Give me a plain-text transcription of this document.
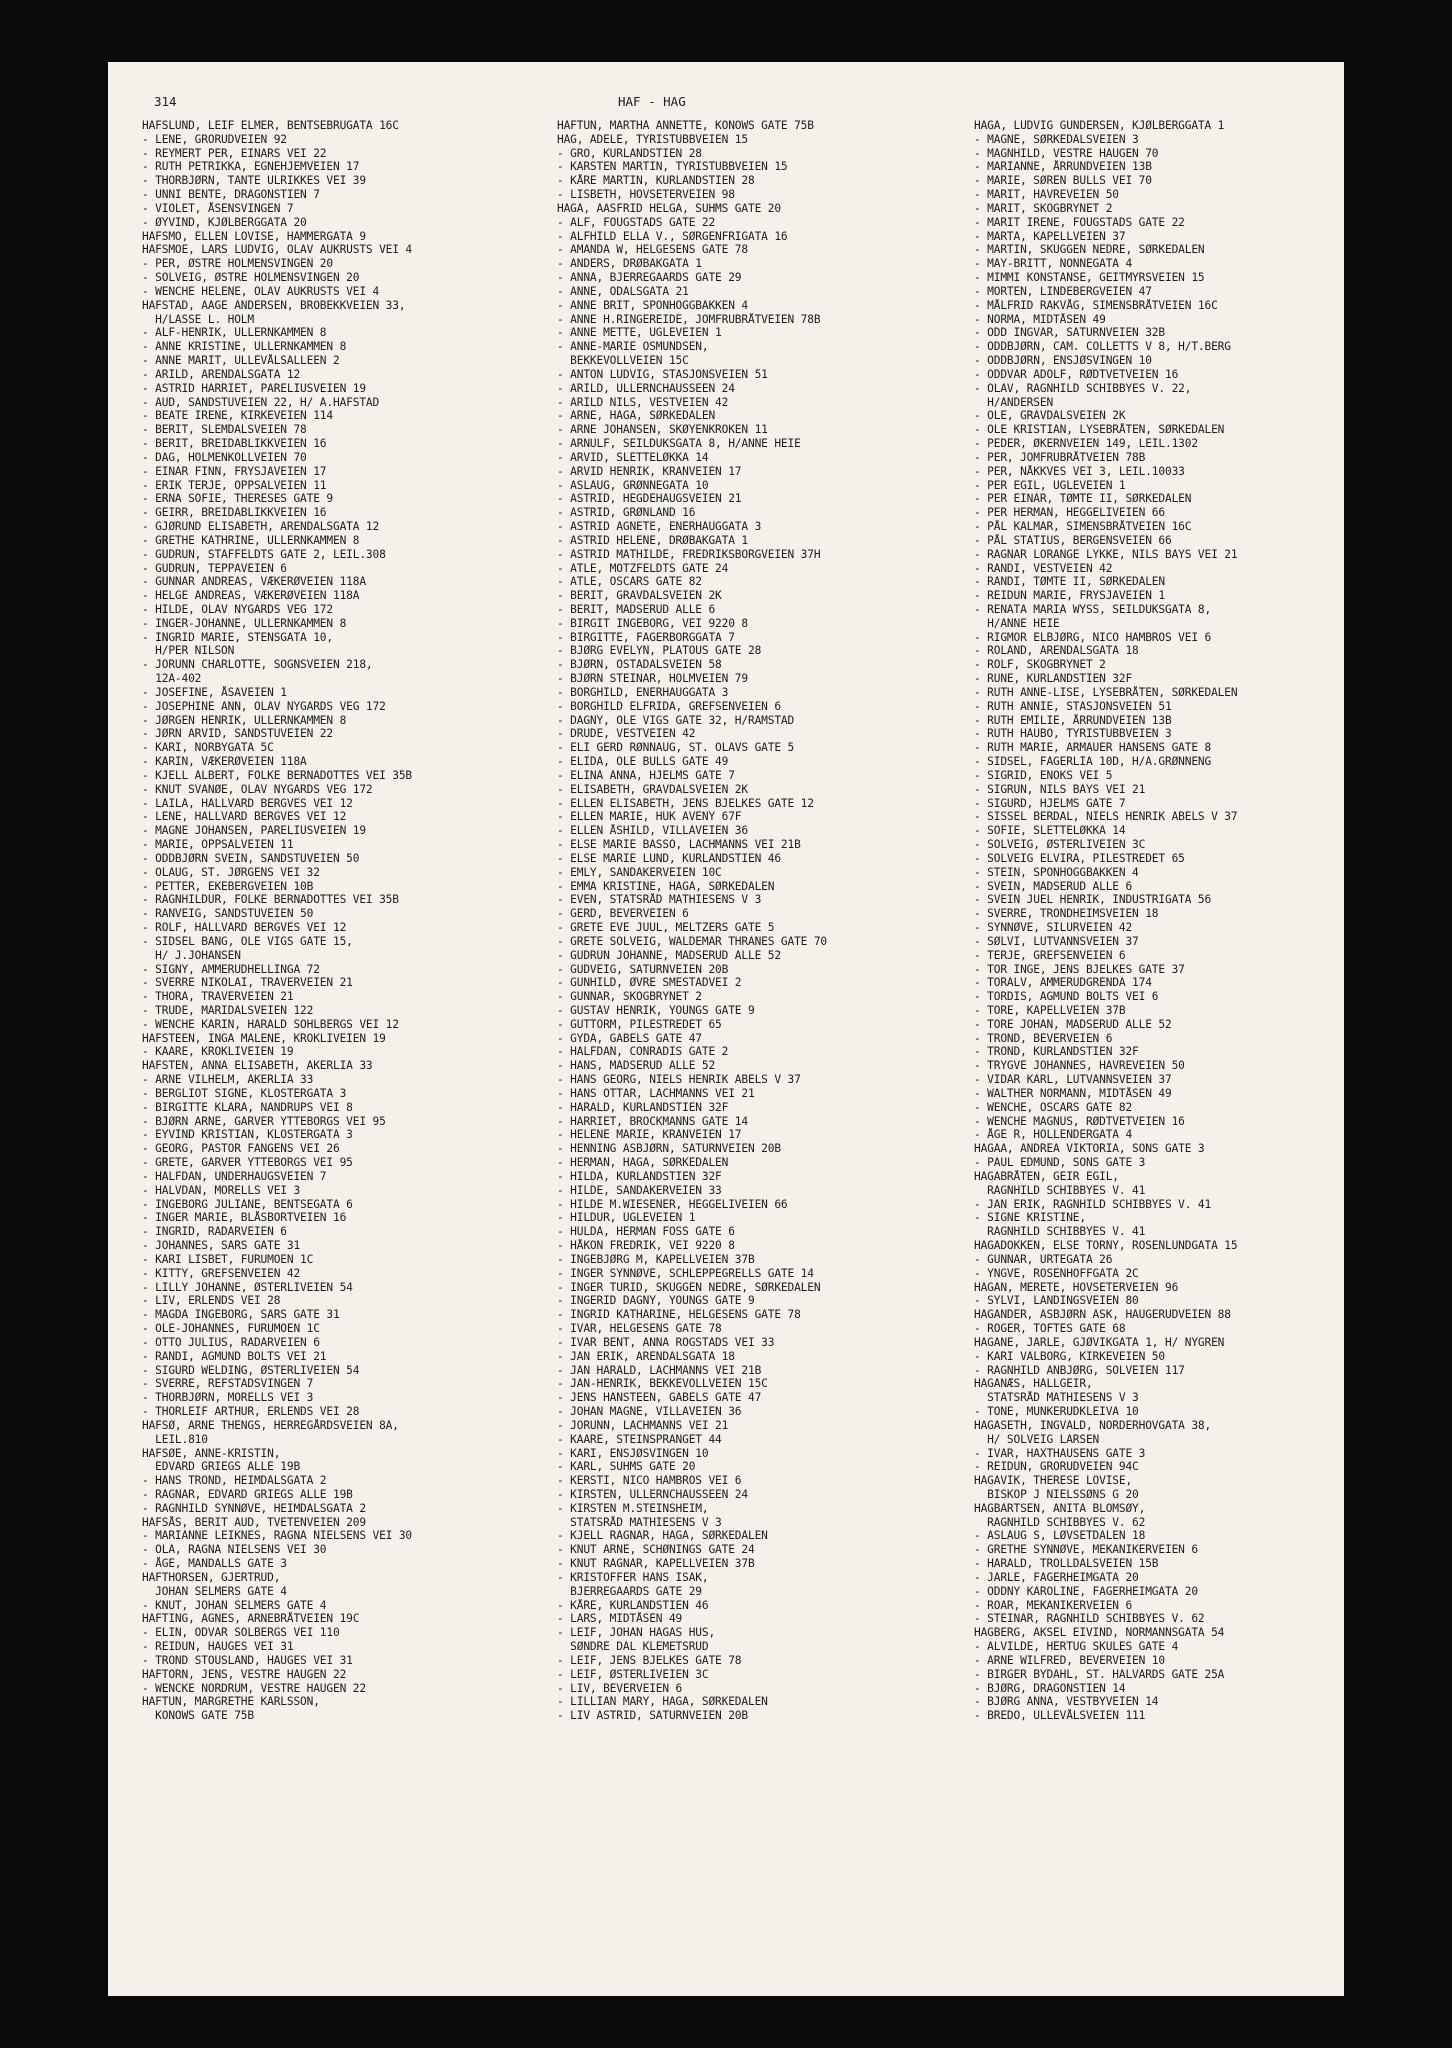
314	HAF - HAG
HAFSLUND, LEIF ELMER, BENTSEBRUGATA 16C
- LENE, GRORUDVEIEN 92
- REYMERT PER, EINARS VEI 22
- RUTH PETRIKKA, EGNEHJEMVEIEN 17
- THORBJØRN, TANTE ULRIKKES VEI 39
- UNNI BENTE, DRAGONSTIEN 7
- VIOLET, ÅSENSVINGEN 7
- ØYVIND, KJØLBERGGATA 20
HAFSMO, ELLEN LOVISE, HAMMERGATA 9
HAFSMOE, LARS LUDVIG, OLAV AUKRUSTS VEI 4
- PER, ØSTRE HOLMENSVINGEN 20
- SOLVEIG, ØSTRE HOLMENSVINGEN 20
- WENCHE HELENE, OLAV AUKRUSTS VEI 4
HAFSTAD, AAGE ANDERSEN, BROBEKKVEIEN 33,
H/LASSE L. HOLM
- ALF-HENRIK, ULLERNKAMMEN 8
- ANNE KRISTINE, ULLERNKAMMEN 8
- ANNE MARIT, ULLEVÅLSALLEEN 2
- ARILD, ARENDALSGATA 12
- ASTRID HARRIET, PARELIUSVEIEN 19
- AUD, SANDSTUVEIEN 22, H/ A.HAFSTAD
- BEATE IRENE, KIRKEVEIEN 114
- BERIT, SLEMDALSVEIEN 78
- BERIT, BREIDABLIKKVEIEN 16
- DAG, HOLMENKOLLVEIEN 70
- EINAR FINN, FRYSJAVEIEN 17
- ERIK TERJE, OPPSALVEIEN 11
- ERNA SOFIE, THERESES GATE 9
- GEIRR, BREIDABLIKKVEIEN 16
- GJØRUND ELISABETH, ARENDALSGATA 12
- GRETHE KATHRINE, ULLERNKAMMEN 8
- GUDRUN, STAFFELDTS GATE 2, LEIL.308
- GUDRUN, TEPPAVEIEN 6
- GUNNAR ANDREAS, VÆKERØVEIEN 118A
- HELGE ANDREAS, VÆKERØVEIEN 118A
- HILDE, OLAV NYGARDS VEG 172
- INGER-JOHANNE, ULLERNKAMMEN 8
- INGRID MARIE, STENSGATA 10,
H/PER NILSON
- JORUNN CHARLOTTE, SOGNSVEIEN 218,
12A-402
- JOSEFINE, ÅSAVEIEN 1
- JOSEPHINE ANN, OLAV NYGARDS VEG 172
- JØRGEN HENRIK, ULLERNKAMMEN 8
- JØRN ARVID, SANDSTUVEIEN 22
- KARI, NORBYGATA 5C
- KARIN, VÆKERØVEIEN 118A
- KJELL ALBERT, FOLKE BERNADOTTES VEI 35B
- KNUT SVANØE, OLAV NYGARDS VEG 172
- LAILA, HALLVARD BERGVES VEI 12
- LENE, HALLVARD BERGVES VEI 12
- MAGNE JOHANSEN, PARELIUSVEIEN 19
- MARIE, OPPSALVEIEN 11
- ODDBJØRN SVEIN, SANDSTUVEIEN 50
- OLAUG, ST. JØRGENS VEI 32
- PETTER, EKEBERGVEIEN 10B
- RAGNHILDUR, FOLKE BERNADOTTES VEI 35B
- RANVEIG, SANDSTUVEIEN 50
- ROLF, HALLVARD BERGVES VEI 12
- SIDSEL BANG, OLE VIGS GATE 15,
H/ J.JOHANSEN
- SIGNY, AMMERUDHELLINGA 72
- SVERRE NIKOLAI, TRAVERVEIEN 21
- THORA, TRAVERVEIEN 21
- TRUDE, MARIDALSVEIEN 122
- WENCHE KARIN, HARALD SOHLBERGS VEI 12
HAFSTEEN, INGA MALENE, KROKLIVEIEN 19
- KAARE, KROKLIVEIEN 19
HAFSTEN, ANNA ELISABETH, AKERLIA 33
- ARNE VILHELM, AKERLIA 33
- BERGLIOT SIGNE, KLOSTERGATA 3
- BIRGITTE KLARA, NANDRUPS VEI 8
- BJØRN ARNE, GARVER YTTEBORGS VEI 95
- EYVIND KRISTIAN, KLOSTERGATA 3
- GEORG, PASTOR FANGENS VEI 26
- GRETE, GARVER YTTEBORGS VEI 95
- HALFDAN, UNDERHAUGSVEIEN 7
- HALVDAN, MORELLS VEI 3
- INGEBORG JULIANE, BENTSEGATA 6
- INGER MARIE, BLÅSBORTVEIEN 16
- INGRID, RADARVEIEN 6
- JOHANNES, SARS GATE 31
- KARI LISBET, FURUMOEN 1C
- KITTY, GREFSENVEIEN 42
- LILLY JOHANNE, ØSTERLIVEIEN 54
- LIV, ERLENDS VEI 28
- MAGDA INGEBORG, SARS GATE 31
- OLE-JOHANNES, FURUMOEN 1C
- OTTO JULIUS, RADARVEIEN 6
- RANDI, AGMUND BOLTS VEI 21
- SIGURD WELDING, ØSTERLIVEIEN 54
- SVERRE, REFSTADSVINGEN 7
- THORBJØRN, MORELLS VEI 3
- THORLEIF ARTHUR, ERLENDS VEI 28
HAFSØ, ARNE THENGS, HERREGÅRDSVEIEN 8A,
LEIL.810
HAFSØE, ANNE-KRISTIN,
EDVARD GRIEGS ALLE 19B
- HANS TROND, HEIMDALSGATA 2
- RAGNAR, EDVARD GRIEGS ALLE 19B
- RAGNHILD SYNNØVE, HEIMDALSGATA 2
HAFSÅS, BERIT AUD, TVETENVEIEN 209
- MARIANNE LEIKNES, RAGNA NIELSENS VEI 30
- OLA, RAGNA NIELSENS VEI 30
- ÅGE, MANDALLS GATE 3
HAFTHORSEN, GJERTRUD,
JOHAN SELMERS GATE 4
- KNUT, JOHAN SELMERS GATE 4
HAFTING, AGNES, ARNEBRÅTVEIEN 19C
- ELIN, ODVAR SOLBERGS VEI 110
- REIDUN, HAUGES VEI 31
- TROND STOUSLAND, HAUGES VEI 31
HAFTORN, JENS, VESTRE HAUGEN 22
- WENCKE NORDRUM, VESTRE HAUGEN 22
HAFTUN, MARGRETHE KARLSSON,
KONOWS GATE 75B
HAFTUN, MARTHA ANNETTE, KONOWS GATE 75B
HAG, ADELE, TYRISTUBBVEIEN 15
- GRO, KURLANDSTIEN 28
- KARSTEN MARTIN, TYRISTUBBVEIEN 15
- KÅRE MARTIN, KURLANDSTIEN 28
- LISBETH, HOVSETERVEIEN 98
HAGA, AASFRID HELGA, SUHMS GATE 20
- ALF, FOUGSTADS GATE 22
- ALFHILD ELLA V., SØRGENFRIGATA 16
- AMANDA W, HELGESENS GATE 78
- ANDERS, DRØBAKGATA 1
- ANNA, BJERREGAARDS GATE 29
- ANNE, ODALSGATA 21
- ANNE BRIT, SPONHOGGBAKKEN 4
- ANNE H.RINGEREIDE, JOMFRUBRÅTVEIEN 78B
- ANNE METTE, UGLEVEIEN 1
- ANNE-MARIE OSMUNDSEN,
BEKKEVOLLVEIEN 15C
- ANTON LUDVIG, STASJONSVEIEN 51
- ARILD, ULLERNCHAUSSEEN 24
- ARILD NILS, VESTVEIEN 42
- ARNE, HAGA, SØRKEDALEN
- ARNE JOHANSEN, SKØYENKROKEN 11
- ARNULF, SEILDUKSGATA 8, H/ANNE HEIE
- ARVID, SLETTELØKKA 14
- ARVID HENRIK, KRANVEIEN 17
- ASLAUG, GRØNNEGATA 10
- ASTRID, HEGDEHAUGSVEIEN 21
- ASTRID, GRØNLAND 16
- ASTRID AGNETE, ENERHAUGGATA 3
- ASTRID HELENE, DRØBAKGATA 1
- ASTRID MATHILDE, FREDRIKSBORGVEIEN 37H
- ATLE, MOTZFELDTS GATE 24
- ATLE, OSCARS GATE 82
- BERIT, GRAVDALSVEIEN 2K
- BERIT, MADSERUD ALLE 6
- BIRGIT INGEBORG, VEI 9220 8
- BIRGITTE, FAGERBORGGATA 7
- BJØRG EVELYN, PLATOUS GATE 28
- BJØRN, OSTADALSVEIEN 58
- BJØRN STEINAR, HOLMVEIEN 79
- BORGHILD, ENERHAUGGATA 3
- BORGHILD ELFRIDA, GREFSENVEIEN 6
- DAGNY, OLE VIGS GATE 32, H/RAMSTAD
- DRUDE, VESTVEIEN 42
- ELI GERD RØNNAUG, ST. OLAVS GATE 5
- ELIDA, OLE BULLS GATE 49
- ELINA ANNA, HJELMS GATE 7
- ELISABETH, GRAVDALSVEIEN 2K
- ELLEN ELISABETH, JENS BJELKES GATE 12
- ELLEN MARIE, HUK AVENY 67F
- ELLEN ÅSHILD, VILLAVEIEN 36
- ELSE MARIE BASSO, LACHMANNS VEI 21B
- ELSE MARIE LUND, KURLANDSTIEN 46
- EMLY, SANDAKERVEIEN 10C
- EMMA KRISTINE, HAGA, SØRKEDALEN
- EVEN, STATSRÅD MATHIESENS V 3
- GERD, BEVERVEIEN 6
- GRETE EVE JUUL, MELTZERS GATE 5
- GRETE SOLVEIG, WALDEMAR THRANES GATE 70
- GUDRUN JOHANNE, MADSERUD ALLE 52
- GUDVEIG, SATURNVEIEN 20B
- GUNHILD, ØVRE SMESTADVEI 2
- GUNNAR, SKOGBRYNET 2
- GUSTAV HENRIK, YOUNGS GATE 9
- GUTTORM, PILESTREDET 65
- GYDA, GABELS GATE 47
- HALFDAN, CONRADIS GATE 2
- HANS, MADSERUD ALLE 52
- HANS GEORG, NIELS HENRIK ABELS V 37
- HANS OTTAR, LACHMANNS VEI 21
- HARALD, KURLANDSTIEN 32F
- HARRIET, BROCKMANNS GATE 14
- HELENE MARIE, KRANVEIEN 17
- HENNING ASBJØRN, SATURNVEIEN 20B
- HERMAN, HAGA, SØRKEDALEN
- HILDA, KURLANDSTIEN 32F
- HILDE, SANDAKERVEIEN 33
- HILDE M.WIESENER, HEGGELIVEIEN 66
- HILDUR, UGLEVEIEN 1
- HULDA, HERMAN FOSS GATE 6
- HÅKON FREDRIK, VEI 9220 8
- INGEBJØRG M, KAPELLVEIEN 37B
- INGER SYNNØVE, SCHLEPPEGRELLS GATE 14
- INGER TURID, SKUGGEN NEDRE, SØRKEDALEN
- INGERID DAGNY, YOUNGS GATE 9
- INGRID KATHARINE, HELGESENS GATE 78
- IVAR, HELGESENS GATE 78
- IVAR BENT, ANNA ROGSTADS VEI 33
- JAN ERIK, ARENDALSGATA 18
- JAN HARALD, LACHMANNS VEI 21B
- JAN-HENRIK, BEKKEVOLLVEIEN 15C
- JENS HANSTEEN, GABELS GATE 47
- JOHAN MAGNE, VILLAVEIEN 36
- JORUNN, LACHMANNS VEI 21
- KAARE, STEINSPRANGET 44
- KARI, ENSJØSVINGEN 10
- KARL, SUHMS GATE 20
- KERSTI, NICO HAMBROS VEI 6
- KIRSTEN, ULLERNCHAUSSEEN 24
- KIRSTEN M.STEINSHEIM,
STATSRÅD MATHIESENS V 3
- KJELL RAGNAR, HAGA, SØRKEDALEN
- KNUT ARNE, SCHØNINGS GATE 24
- KNUT RAGNAR, KAPELLVEIEN 37B
- KRISTOFFER HANS ISAK,
BJERREGAARDS GATE 29
- KÅRE, KURLANDSTIEN 46
- LARS, MIDTÅSEN 49
- LEIF, JOHAN HAGAS HUS,
SØNDRE DAL KLEMETSRUD
- LEIF, JENS BJELKES GATE 78
- LEIF, ØSTERLIVEIEN 3C
- LIV, BEVERVEIEN 6
- LILLIAN MARY, HAGA, SØRKEDALEN
- LIV ASTRID, SATURNVEIEN 20B
HAGA, LUDVIG GUNDERSEN, KJØLBERGGATA 1
- MAGNE, SØRKEDALSVEIEN 3
- MAGNHILD, VESTRE HAUGEN 70
- MARIANNE, ÅRRUNDVEIEN 13B
- MARIE, SØREN BULLS VEI 70
- MARIT, HAVREVEIEN 50
- MARIT, SKOGBRYNET 2
- MARIT IRENE, FOUGSTADS GATE 22
- MARTA, KAPELLVEIEN 37
- MARTIN, SKUGGEN NEDRE, SØRKEDALEN
- MAY-BRITT, NONNEGATA 4
- MIMMI KONSTANSE, GEITMYRSVEIEN 15
- MORTEN, LINDEBERGVEIEN 47
- MÅLFRID RAKVÅG, SIMENSBRÅTVEIEN 16C
- NORMA, MIDTÅSEN 49
- ODD INGVAR, SATURNVEIEN 32B
- ODDBJØRN, CAM. COLLETTS V 8, H/T.BERG
- ODDBJØRN, ENSJØSVINGEN 10
- ODDVAR ADOLF, RØDTVETVEIEN 16
- OLAV, RAGNHILD SCHIBBYES V. 22,
H/ANDERSEN
- OLE, GRAVDALSVEIEN 2K
- OLE KRISTIAN, LYSEBRÅTEN, SØRKEDALEN
- PEDER, ØKERNVEIEN 149, LEIL.1302
- PER, JOMFRUBRÅTVEIEN 78B
- PER, NÅKKVES VEI 3, LEIL.10033
- PER EGIL, UGLEVEIEN 1
- PER EINAR, TØMTE II, SØRKEDALEN
- PER HERMAN, HEGGELIVEIEN 66
- PÅL KALMAR, SIMENSBRÅTVEIEN 16C
- PÅL STATIUS, BERGENSVEIEN 66
- RAGNAR LORANGE LYKKE, NILS BAYS VEI 21
- RANDI, VESTVEIEN 42
- RANDI, TØMTE II, SØRKEDALEN
- REIDUN MARIE, FRYSJAVEIEN 1
- RENATA MARIA WYSS, SEILDUKSGATA 8,
H/ANNE HEIE
- RIGMOR ELBJØRG, NICO HAMBROS VEI 6
- ROLAND, ARENDALSGATA 18
- ROLF, SKOGBRYNET 2
- RUNE, KURLANDSTIEN 32F
- RUTH ANNE-LISE, LYSEBRÅTEN, SØRKEDALEN
- RUTH ANNIE, STASJONSVEIEN 51
- RUTH EMILIE, ÅRRUNDVEIEN 13B
- RUTH HAUBO, TYRISTUBBVEIEN 3
- RUTH MARIE, ARMAUER HANSENS GATE 8
- SIDSEL, FAGERLIA 10D, H/A.GRØNNENG
- SIGRID, ENOKS VEI 5
- SIGRUN, NILS BAYS VEI 21
- SIGURD, HJELMS GATE 7
- SISSEL BERDAL, NIELS HENRIK ABELS V 37
- SOFIE, SLETTELØKKA 14
- SOLVEIG, ØSTERLIVEIEN 3C
- SOLVEIG ELVIRA, PILESTREDET 65
- STEIN, SPONHOGGBAKKEN 4
- SVEIN, MADSERUD ALLE 6
- SVEIN JUEL HENRIK, INDUSTRIGATA 56
- SVERRE, TRONDHEIMSVEIEN 18
- SYNNØVE, SILURVEIEN 42
- SØLVI, LUTVANNSVEIEN 37
- TERJE, GREFSENVEIEN 6
- TOR INGE, JENS BJELKES GATE 37
- TORALV, AMMERUDGRENDA 174
- TORDIS, AGMUND BOLTS VEI 6
- TORE, KAPELLVEIEN 37B
- TORE JOHAN, MADSERUD ALLE 52
- TROND, BEVERVEIEN 6
- TROND, KURLANDSTIEN 32F
- TRYGVE JOHANNES, HAVREVEIEN 50
- VIDAR KARL, LUTVANNSVEIEN 37
- WALTHER NORMANN, MIDTÅSEN 49
- WENCHE, OSCARS GATE 82
- WENCHE MAGNUS, RØDTVETVEIEN 16
- ÅGE R, HOLLENDERGATA 4
HAGAA, ANDREA VIKTORIA, SONS GATE 3
- PAUL EDMUND, SONS GATE 3
HAGABRÅTEN, GEIR EGIL,
RAGNHILD SCHIBBYES V. 41
- JAN ERIK, RAGNHILD SCHIBBYES V. 41
- SIGNE KRISTINE,
RAGNHILD SCHIBBYES V. 41
HAGADOKKEN, ELSE TORNY, ROSENLUNDGATA 15
- GUNNAR, URTEGATA 26
- YNGVE, ROSENHOFFGATA 2C
HAGAN, MERETE, HOVSETERVEIEN 96
- SYLVI, LANDINGSVEIEN 80
HAGANDER, ASBJØRN ASK, HAUGERUDVEIEN 88
- ROGER, TOFTES GATE 68
HAGANE, JARLE, GJØVIKGATA 1, H/ NYGREN
- KARI VALBORG, KIRKEVEIEN 50
- RAGNHILD ANBJØRG, SOLVEIEN 117
HAGANÆS, HALLGEIR,
STATSRÅD MATHIESENS V 3
- TONE, MUNKERUDKLEIVA 10
HAGASETH, INGVALD, NORDERHOVGATA 38,
H/ SOLVEIG LARSEN
- IVAR, HAXTHAUSENS GATE 3
- REIDUN, GRORUDVEIEN 94C
HAGAVIK, THERESE LOVISE,
BISKOP J NIELSSØNS G 20
HAGBARTSEN, ANITA BLOMSØY,
RAGNHILD SCHIBBYES V. 62
- ASLAUG S, LØVSETDALEN 18
- GRETHE SYNNØVE, MEKANIKERVEIEN 6
- HARALD, TROLLDALSVEIEN 15B
- JARLE, FAGERHEIMGATA 20
- ODDNY KAROLINE, FAGERHEIMGATA 20
- ROAR, MEKANIKERVEIEN 6
- STEINAR, RAGNHILD SCHIBBYES V. 62
HAGBERG, AKSEL EIVIND, NORMANNSGATA 54
- ALVILDE, HERTUG SKULES GATE 4
- ARNE WILFRED, BEVERVEIEN 10
- BIRGER BYDAHL, ST. HALVARDS GATE 25A
- BJØRG, DRAGONSTIEN 14
- BJØRG ANNA, VESTBYVEIEN 14
- BREDO, ULLEVÅLSVEIEN 111
